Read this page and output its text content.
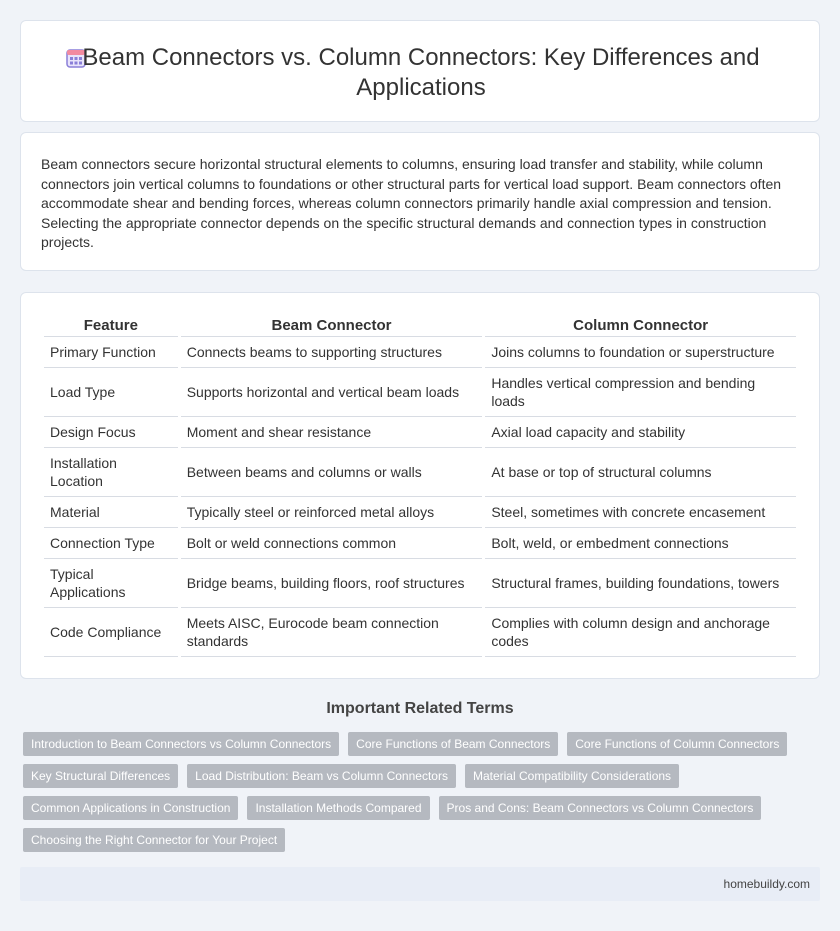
Beam Connectors vs. Column Connectors: Key Differences and Applications

Beam connectors secure horizontal structural elements to columns, ensuring load transfer and stability, while column connectors join vertical columns to foundations or other structural parts for vertical load support. Beam connectors often accommodate shear and bending forces, whereas column connectors primarily handle axial compression and tension. Selecting the appropriate connector depends on the specific structural demands and connection types in construction projects.

Feature	Beam Connector	Column Connector
Primary Function	Connects beams to supporting structures	Joins columns to foundation or superstructure
Load Type	Supports horizontal and vertical beam loads	Handles vertical compression and bending loads
Design Focus	Moment and shear resistance	Axial load capacity and stability
Installation Location	Between beams and columns or walls	At base or top of structural columns
Material	Typically steel or reinforced metal alloys	Steel, sometimes with concrete encasement
Connection Type	Bolt or weld connections common	Bolt, weld, or embedment connections
Typical Applications	Bridge beams, building floors, roof structures	Structural frames, building foundations, towers
Code Compliance	Meets AISC, Eurocode beam connection standards	Complies with column design and anchorage codes
Important Related Terms
Introduction to Beam Connectors vs Column Connectors	Core Functions of Beam Connectors	Core Functions of Column Connectors
Key Structural Differences	Load Distribution: Beam vs Column Connectors	Material Compatibility Considerations
Common Applications in Construction	Installation Methods Compared	Pros and Cons: Beam Connectors vs Column Connectors
Choosing the Right Connector for Your Project
homebuildy.com
